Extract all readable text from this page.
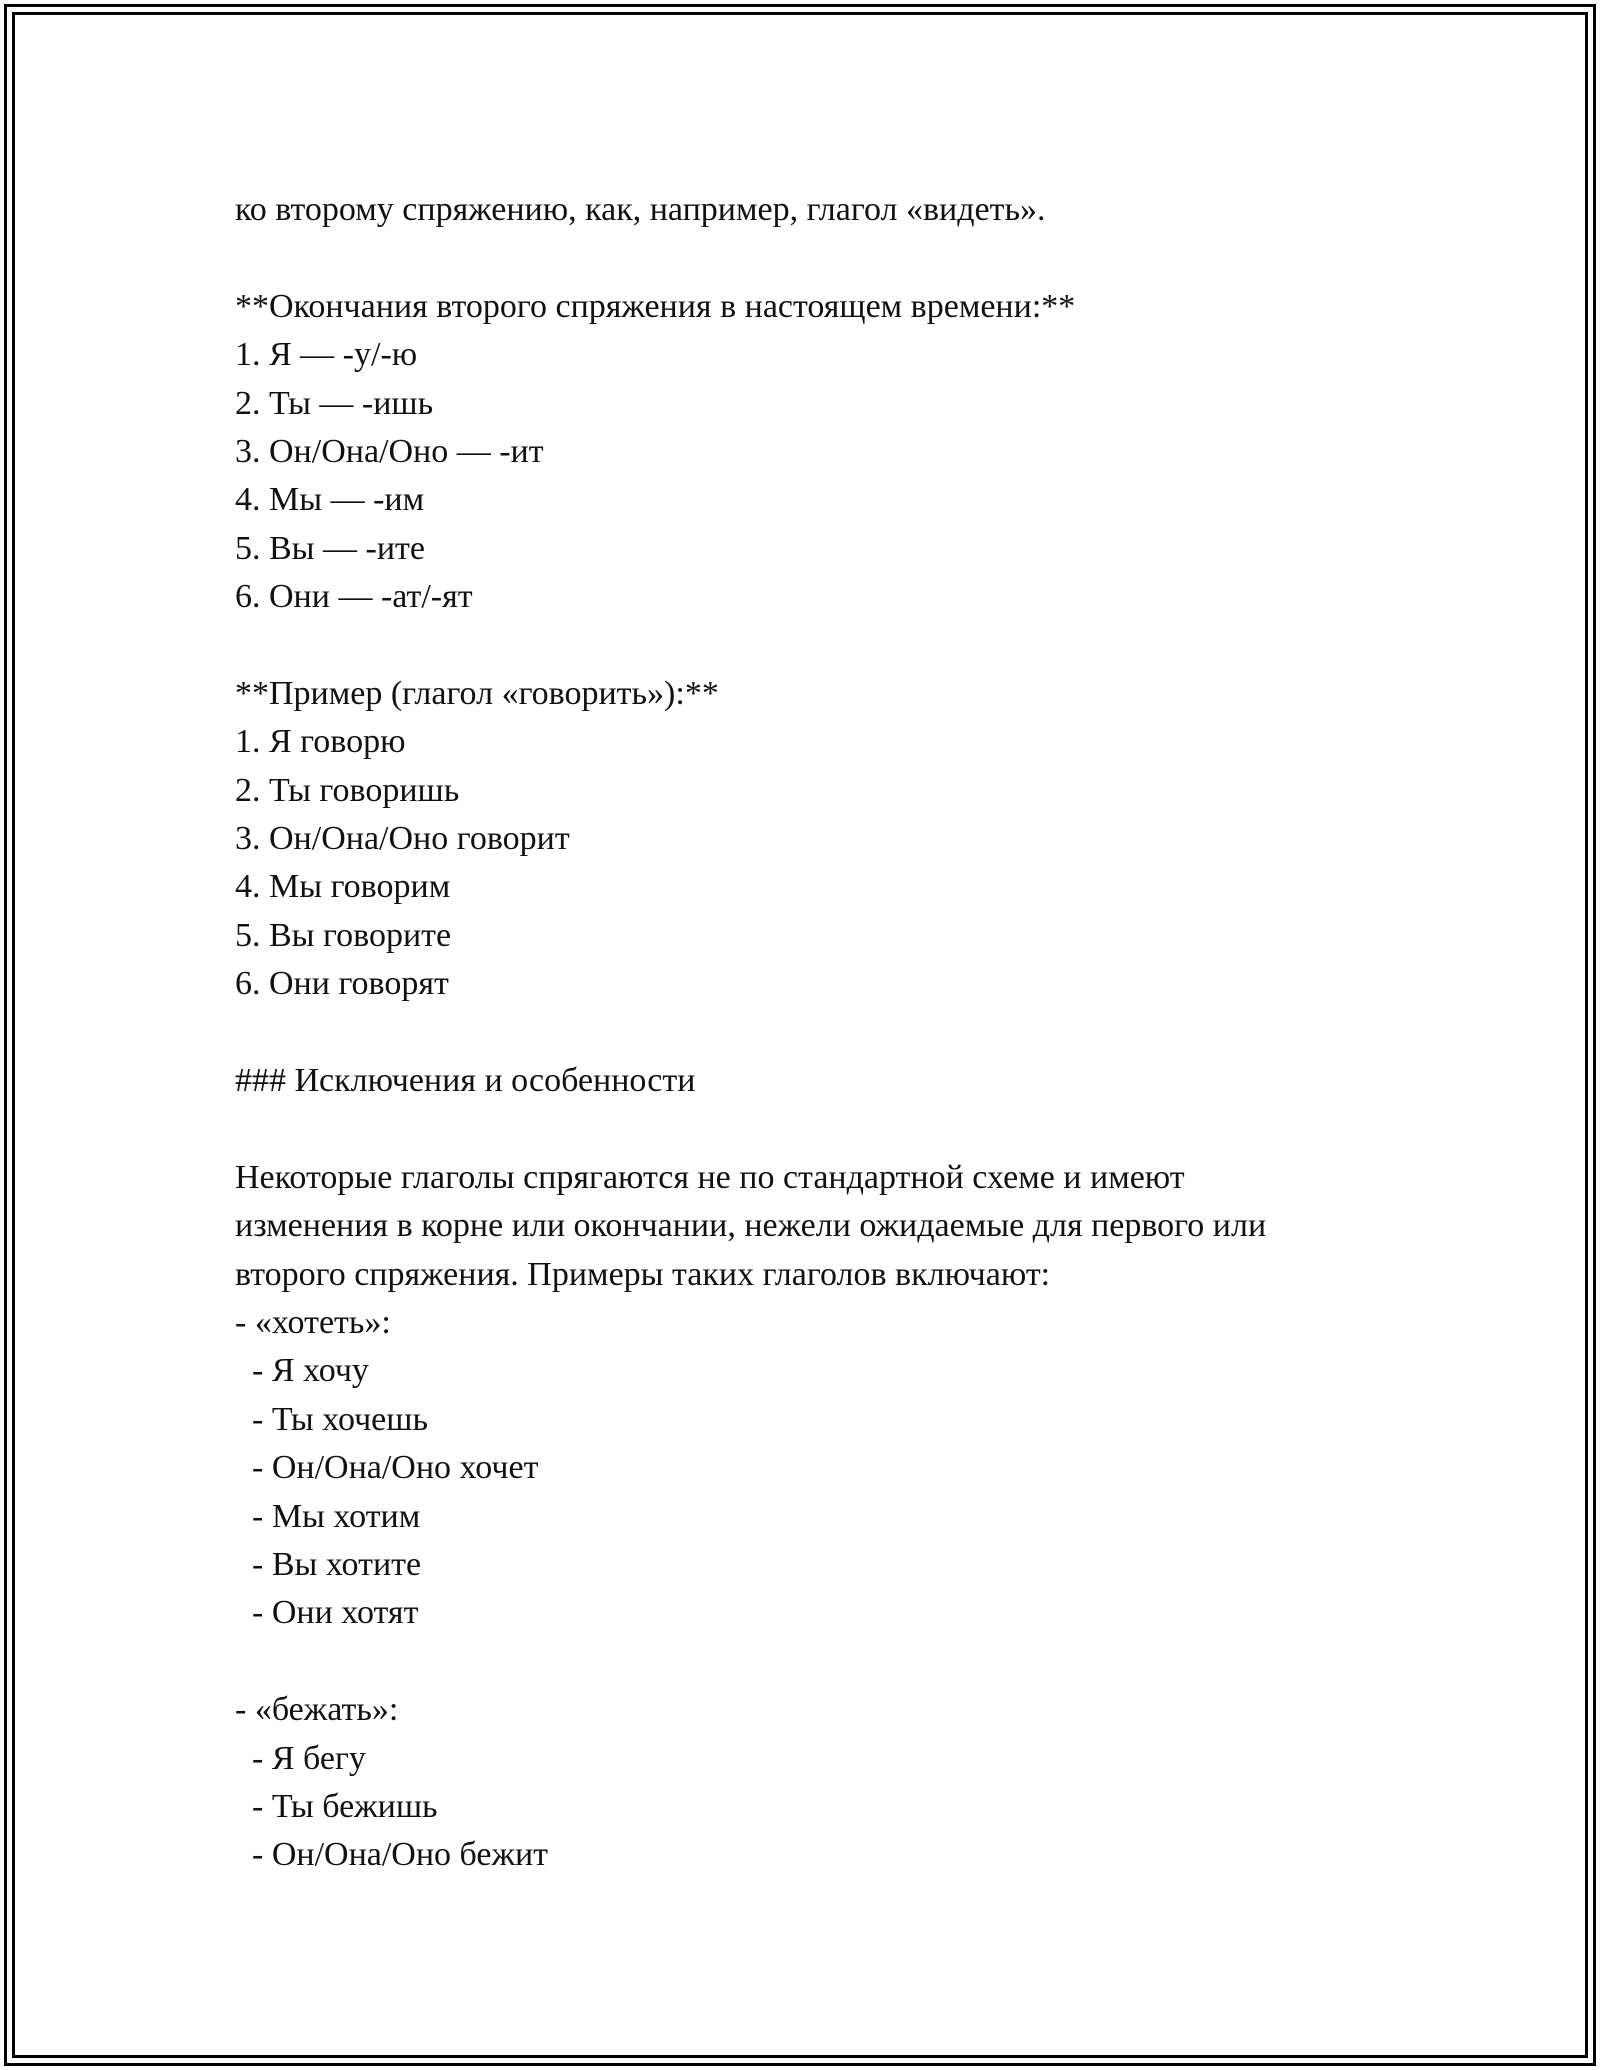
ко второму спряжению, как, например, глагол «видеть».
**Окончания второго спряжения в настоящем времени:**
1. Я — -у/-ю
2. Ты — -ишь
3. Он/Она/Оно — -ит
4. Мы — -им
5. Вы — -ите
6. Они — -ат/-ят
**Пример (глагол «говорить»):**
1. Я говорю
2. Ты говоришь
3. Он/Она/Оно говорит
4. Мы говорим
5. Вы говорите
6. Они говорят
### Исключения и особенности
Некоторые глаголы спрягаются не по стандартной схеме и имеют
изменения в корне или окончании, нежели ожидаемые для первого или
второго спряжения. Примеры таких глаголов включают:
- «хотеть»:
- Я хочу
- Ты хочешь
- Он/Она/Оно хочет
- Мы хотим
- Вы хотите
- Они хотят
- «бежать»:
- Я бегу
- Ты бежишь
- Он/Она/Оно бежит
